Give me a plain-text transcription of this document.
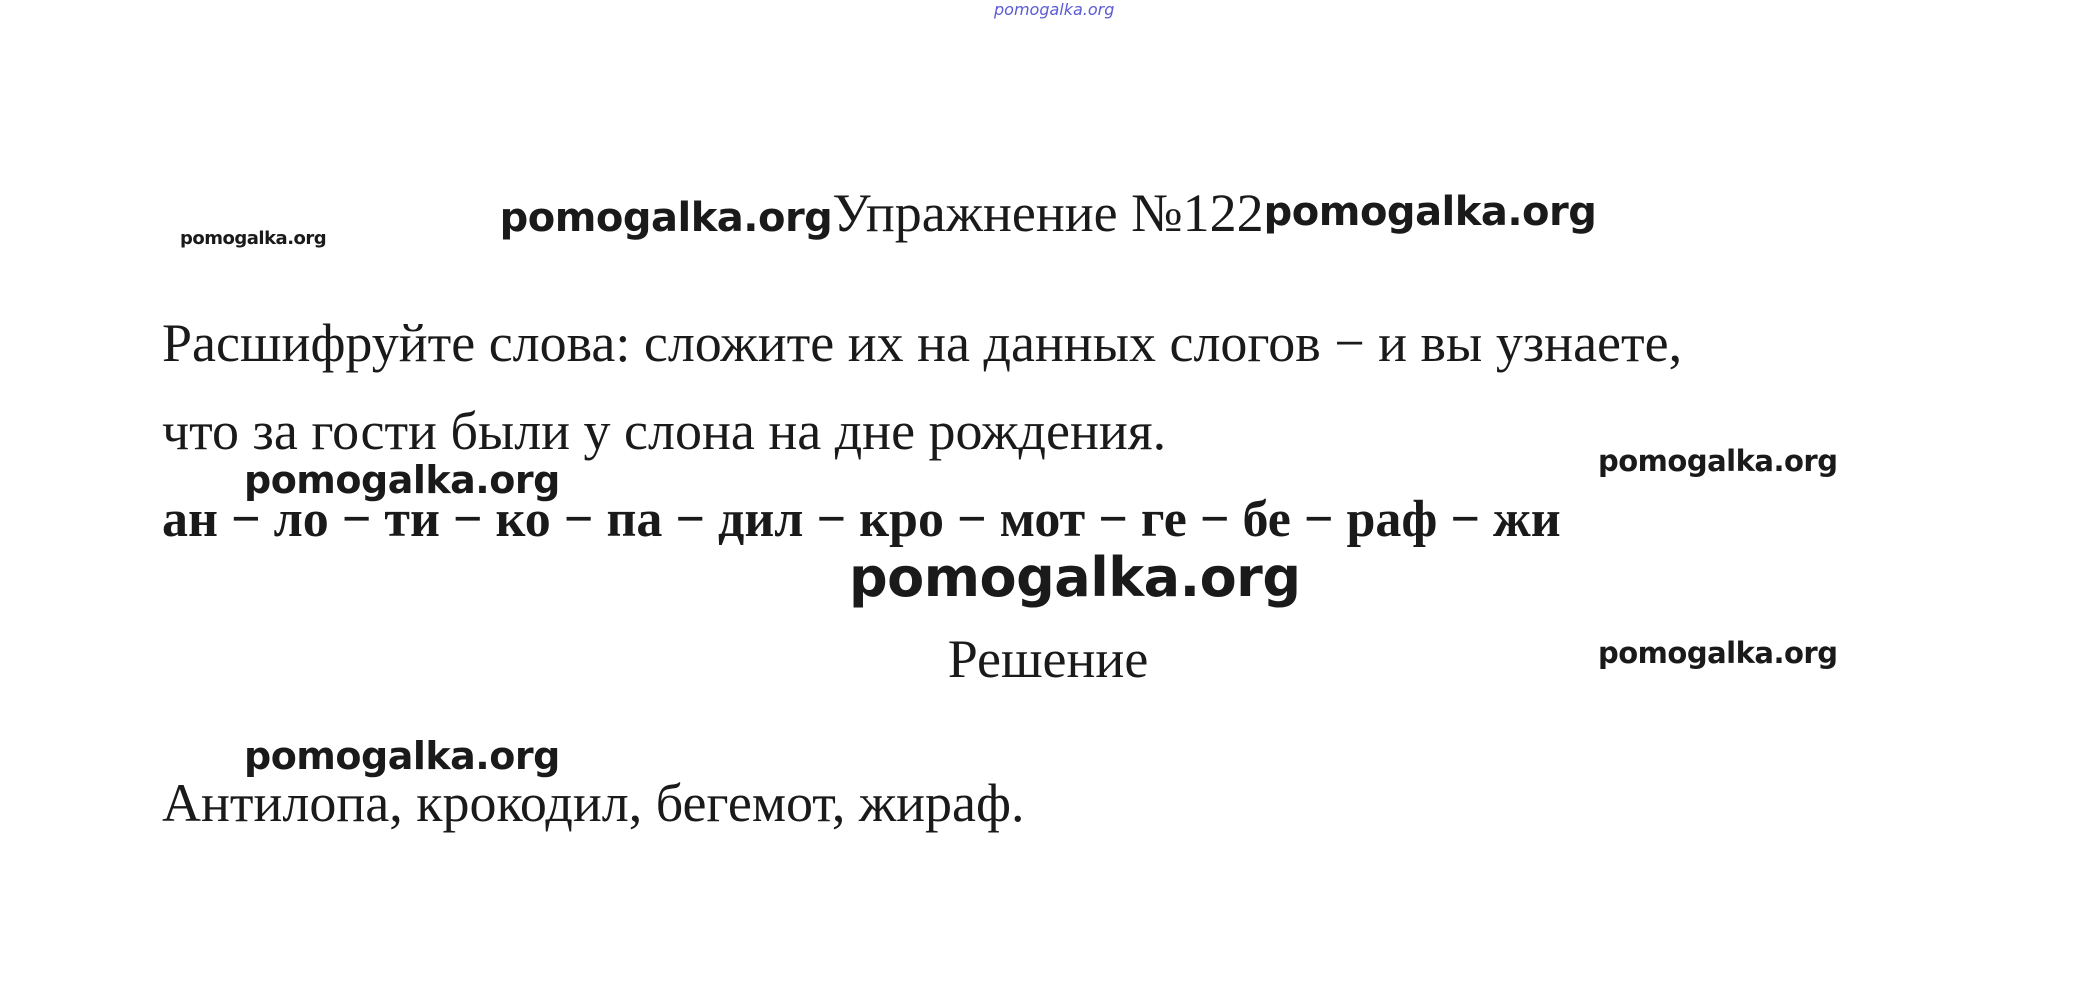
pomogalka.org
pomogalka.org	pomogalka.org Упражнение №122 pomogalka.org
Расшифруйте слова: сложите их на данных слогов − и вы узнаете,
что за гости были у слона на дне рождения.
pomogalka.org	pomogalka.org
ан − ло − ти − ко − па − дил − кро − мот − ге − бе − раф − жи
pomogalka.org
Решение	pomogalka.org
pomogalka.org
Антилопа, крокодил, бегемот, жираф.
